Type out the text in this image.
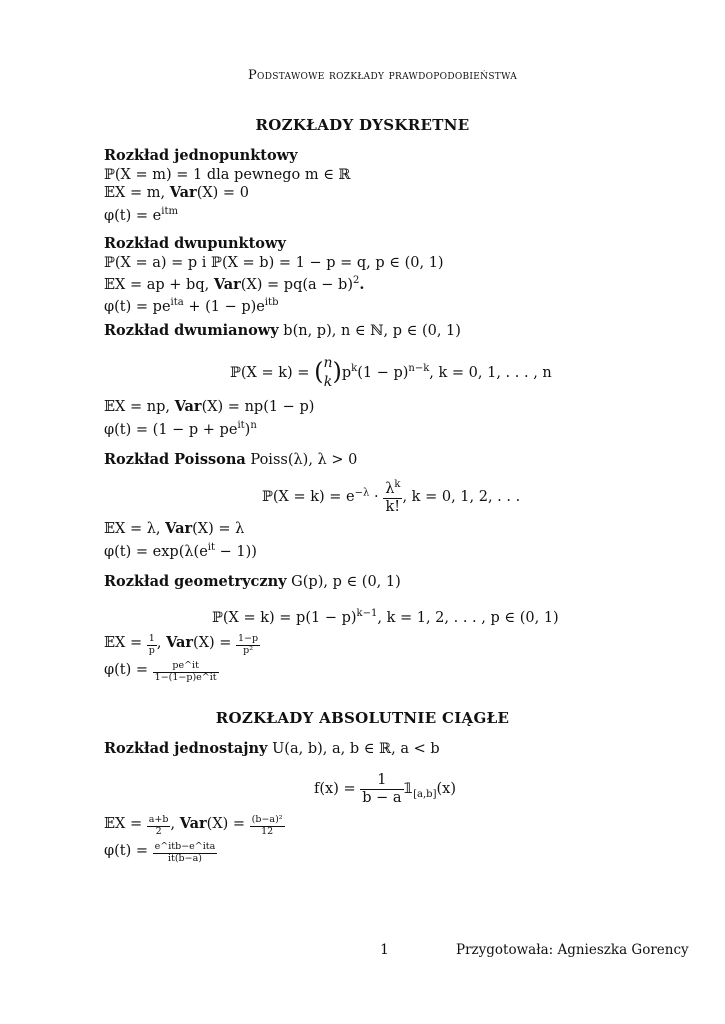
Podstawowe rozkłady prawdopodobieństwa
ROZKŁADY DYSKRETNE
Rozkład jednopunktowy
ℙ(X = m) = 1 dla pewnego m ∈ ℝ
𝔼X = m, Var(X) = 0
$\varphi(t) = e^{itm}$
Rozkład dwupunktowy
ℙ(X = a) = p i ℙ(X = b) = 1 − p = q, p ∈ (0, 1)
𝔼X = ap + bq, $Var(X) = pq(a - b)^2$.
$\varphi(t) = pe^{ita} + (1 - p)e^{itb}$
Rozkład dwumianowy b(n, p), n ∈ ℕ, p ∈ (0, 1)
ℙ(X = k) = ( n
k )$p^k(1 - p)^{n-k}$, k = 0, 1, . . . , n
𝔼X = np, Var(X) = np(1 − p)
$\varphi(t) = (1 - p + pe^{it})^n$
Rozkład Poissona Poiss(λ), λ > 0
ℙ(X = $k) = e^{-\lambda} \cdot \frac{\lambda^k}{k!}$ , k = 0, 1, 2, . . .
𝔼X = λ, Var(X) = λ
$\varphi(t) = \exp(\lambda(e^{it} - 1))$
Rozkład geometryczny G(p), p ∈ (0, 1)
ℙ(X = $k) = p(1 - p)^{k-1}$, k = 1, 2, . . . , p ∈ (0, 1)
𝔼X = $\frac{1}{p}$ , $Var(X) = \frac{1-p}{\text{p²}}$
$\varphi(t) = \frac{pe\^{}it}{1-(1-p)e\^{}it}$
ROZKŁADY ABSOLUTNIE CIĄGŁE
Rozkład jednostajny U(a, b), a, b ∈ ℝ, a < b
$f(x) = \frac{1}{b - a}$ $𝟙_{[a,b]}(x)$
𝔼X = $\frac{a+b}{2}$ , $Var(X) = \frac{\text{(b−a)²}}{12}$
$\varphi(t) = \frac{\text{e\textasciicircum{}itb−e\textasciicircum{}ita}}{it(b-a)}$
1	Przygotowała: Agnieszka Gorency
